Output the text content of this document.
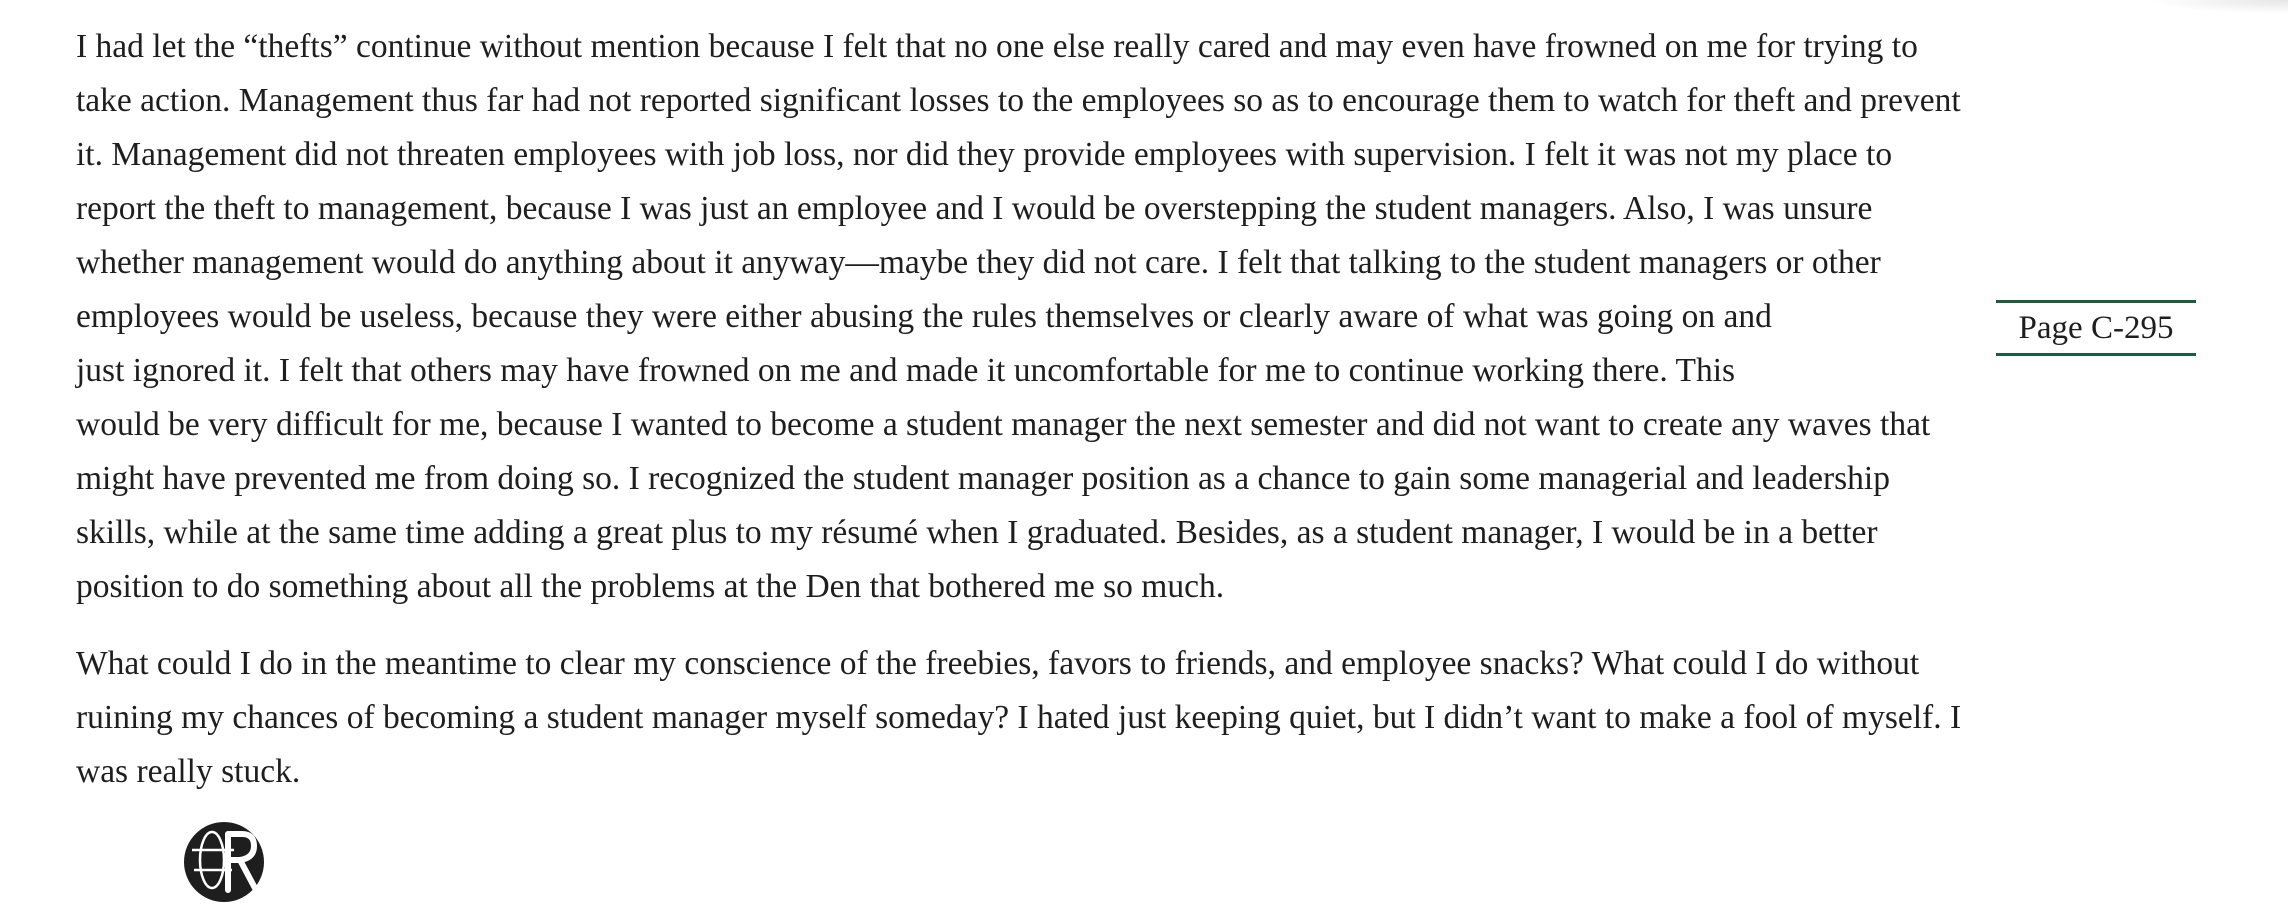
I had let the “thefts” continue without mention because I felt that no one else really cared and may even have frowned on me for trying to
take action. Management thus far had not reported significant losses to the employees so as to encourage them to watch for theft and prevent
it. Management did not threaten employees with job loss, nor did they provide employees with supervision. I felt it was not my place to
report the theft to management, because I was just an employee and I would be overstepping the student managers. Also, I was unsure
whether management would do anything about it anyway—maybe they did not care. I felt that talking to the student managers or other
employees would be useless, because they were either abusing the rules themselves or clearly aware of what was going on and
just ignored it. I felt that others may have frowned on me and made it uncomfortable for me to continue working there. This
would be very difficult for me, because I wanted to become a student manager the next semester and did not want to create any waves that
might have prevented me from doing so. I recognized the student manager position as a chance to gain some managerial and leadership
skills, while at the same time adding a great plus to my résumé when I graduated. Besides, as a student manager, I would be in a better
position to do something about all the problems at the Den that bothered me so much.

What could I do in the meantime to clear my conscience of the freebies, favors to friends, and employee snacks? What could I do without
ruining my chances of becoming a student manager myself someday? I hated just keeping quiet, but I didn’t want to make a fool of myself. I
was really stuck.

Page C-295
